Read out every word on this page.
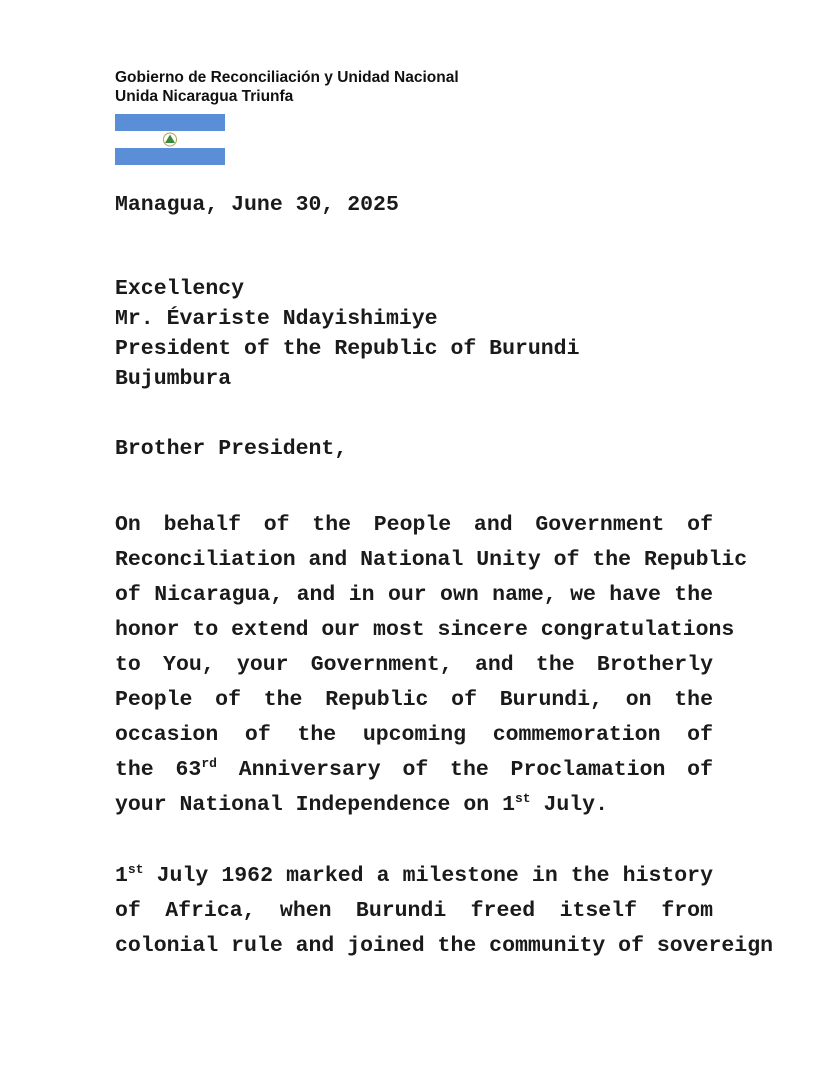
Gobierno de Reconciliación y Unidad Nacional
Unida Nicaragua Triunfa
Managua, June 30, 2025
Excellency
Mr. Évariste Ndayishimiye
President of the Republic of Burundi
Bujumbura
Brother President,
On behalf of the People and Government of
Reconciliation and National Unity of the Republic
of Nicaragua, and in our own name, we have the
honor to extend our most sincere congratulations
to You, your Government, and the Brotherly
People of the Republic of Burundi, on the
occasion of the upcoming commemoration of
the 63rd Anniversary of the Proclamation of
your National Independence on 1st July.
1st July 1962 marked a milestone in the history
of Africa, when Burundi freed itself from
colonial rule and joined the community of sovereign
